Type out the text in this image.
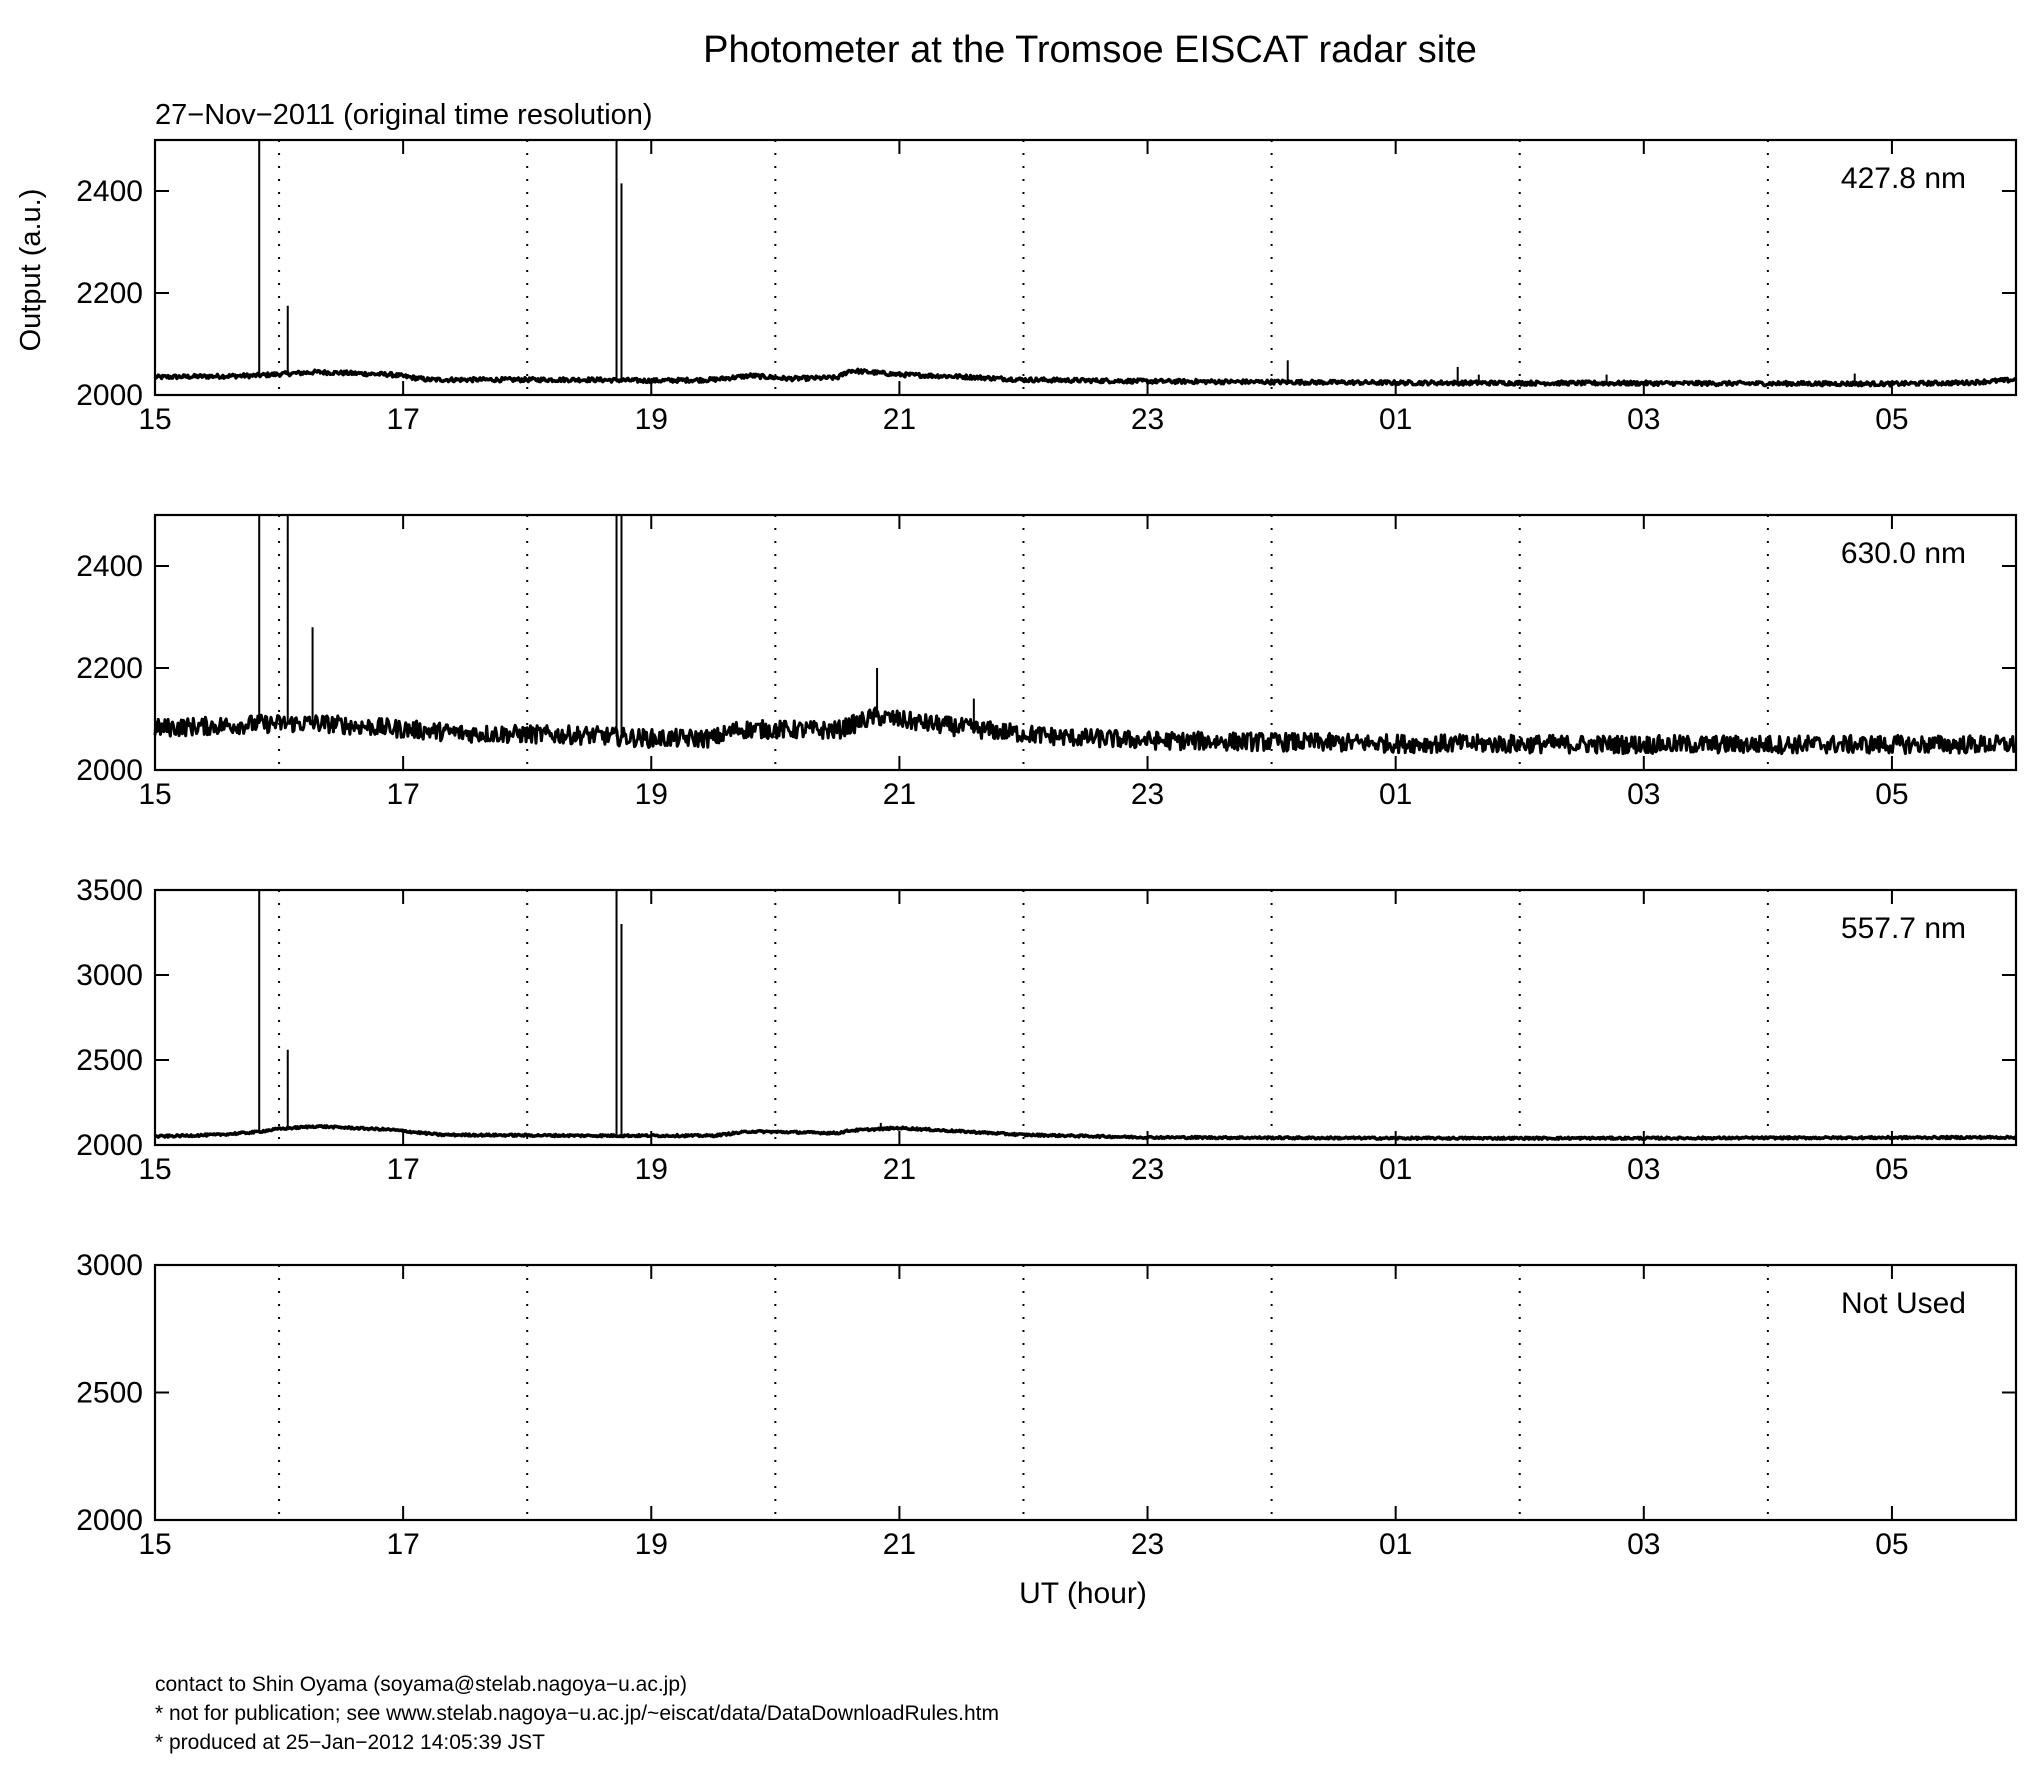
Photometer at the Tromsoe EISCAT radar site
27−Nov−2011 (original time resolution)
Output (a.u.)
UT (hour)
15	17	19	21	23	01	03	05
2000
2200
2400	427.8 nm
15	17	19	21	23	01	03	05
2000
2200
2400	630.0 nm
15	17	19	21	23	01	03	05
2000
2500
3000
3500
557.7 nm
15	17	19	21	23	01	03	05
2000
2500
3000
Not Used
contact to Shin Oyama (soyama@stelab.nagoya−u.ac.jp)
* not for publication; see www.stelab.nagoya−u.ac.jp/~eiscat/data/DataDownloadRules.htm
* produced at 25−Jan−2012 14:05:39 JST
